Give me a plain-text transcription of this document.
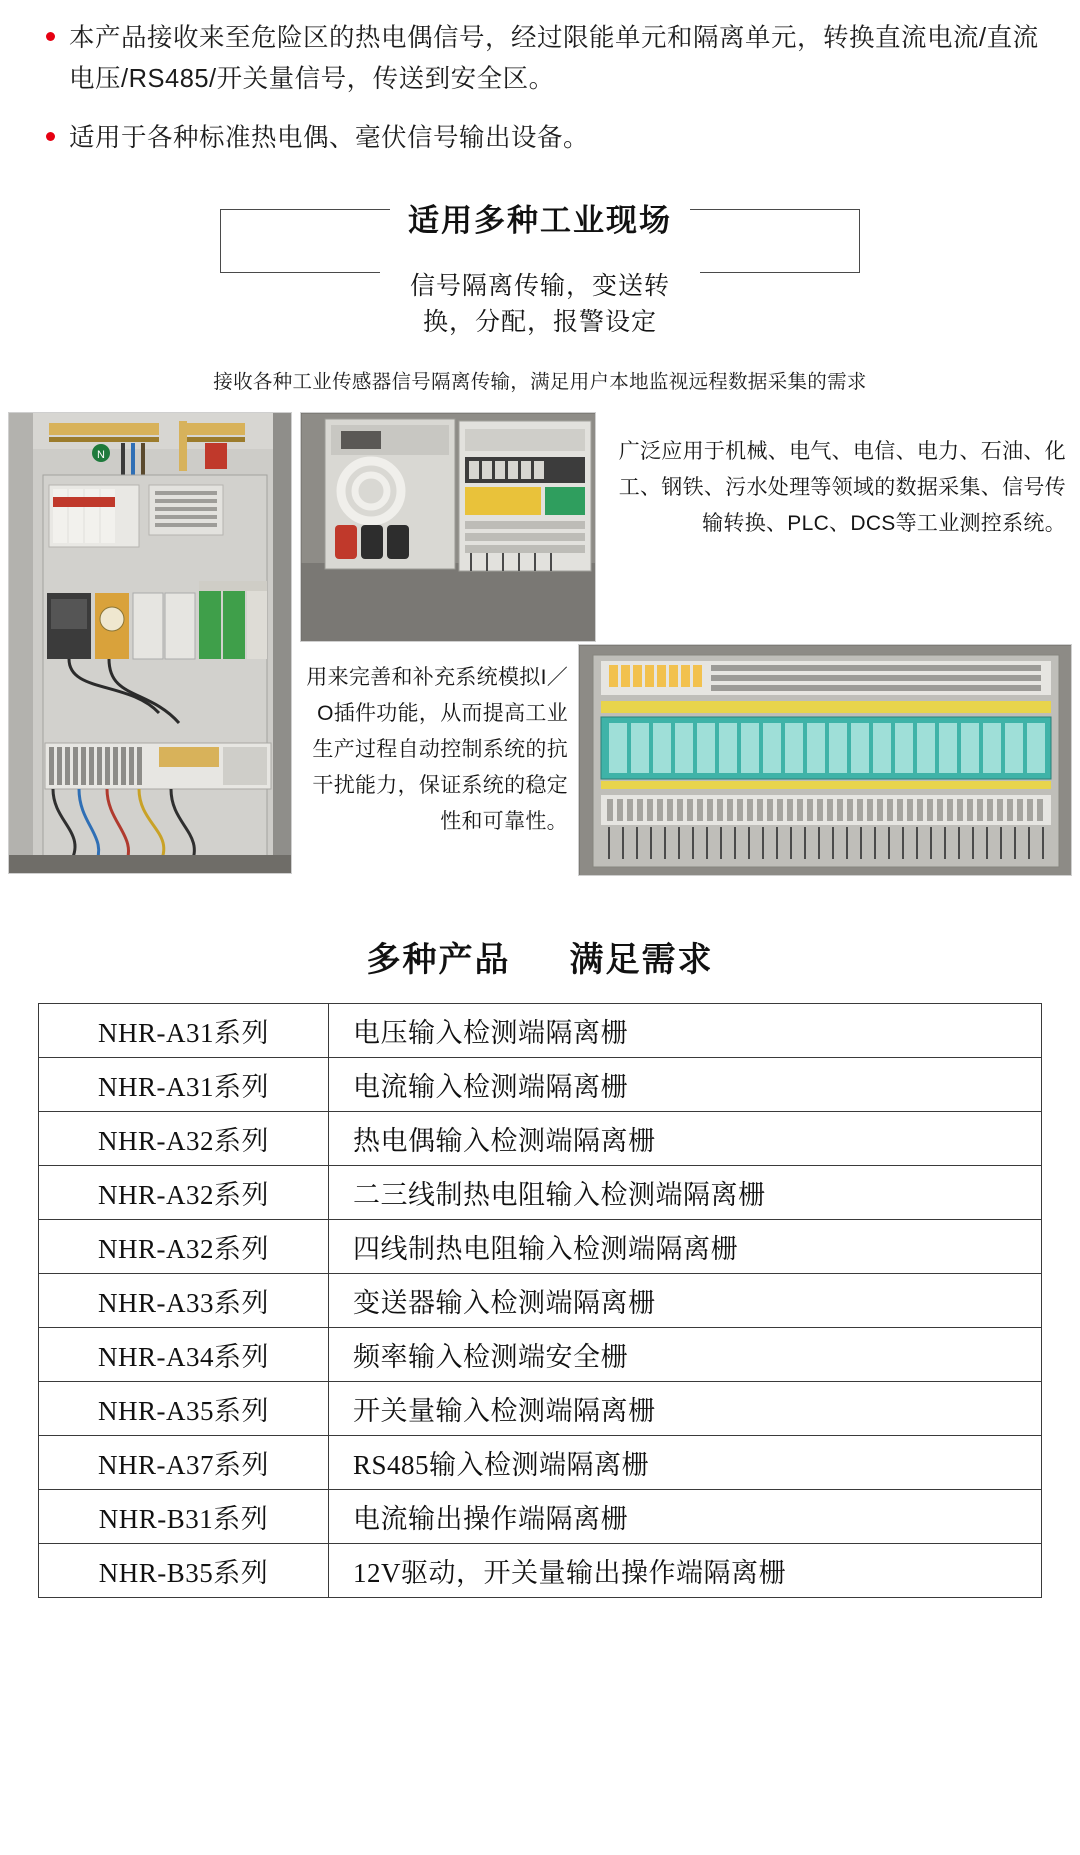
本产品接收来至危险区的热电偶信号，经过限能单元和隔离单元，转换直流电流/直流电压/RS485/开关量信号，传送到安全区。
适用于各种标准热电偶、毫伏信号输出设备。
适用多种工业现场 信号隔离传输，变送转换，分配，报警设定
接收各种工业传感器信号隔离传输，满足用户本地监视远程数据采集的需求
N	广泛应用于机械、电气、电信、电力、石油、化工、钢铁、污水处理等领域的数据采集、信号传输转换、PLC、DCS等工业测控系统。
用来完善和补充系统模拟I／O插件功能，从而提高工业生产过程自动控制系统的抗干扰能力，保证系统的稳定性和可靠性。
多种产品 满足需求
NHR-A31系列	电压输入检测端隔离栅
NHR-A31系列	电流输入检测端隔离栅
NHR-A32系列	热电偶输入检测端隔离栅
NHR-A32系列	二三线制热电阻输入检测端隔离栅
NHR-A32系列	四线制热电阻输入检测端隔离栅
NHR-A33系列	变送器输入检测端隔离栅
NHR-A34系列	频率输入检测端安全栅
NHR-A35系列	开关量输入检测端隔离栅
NHR-A37系列	RS485输入检测端隔离栅
NHR-B31系列	电流输出操作端隔离栅
NHR-B35系列	12V驱动，开关量输出操作端隔离栅
